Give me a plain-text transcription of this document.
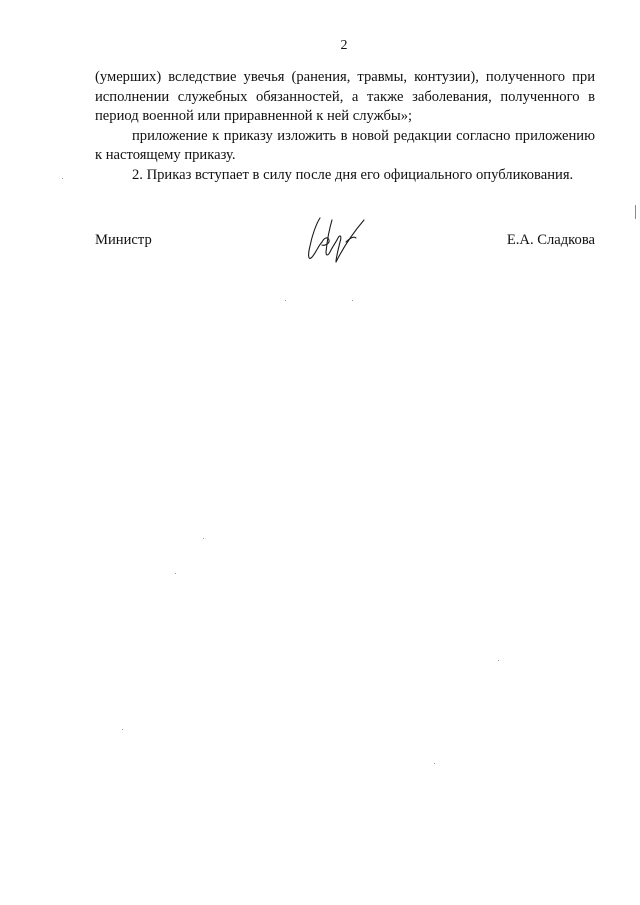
2

(умерших) вследствие увечья (ранения, травмы, контузии), полученного при исполнении служебных обязанностей, а также заболевания, полученного в период военной или приравненной к ней службы»;

приложение к приказу изложить в новой редакции согласно приложению к настоящему приказу.

2. Приказ вступает в силу после дня его официального опубликования.

Министр	Е.А. Сладкова
